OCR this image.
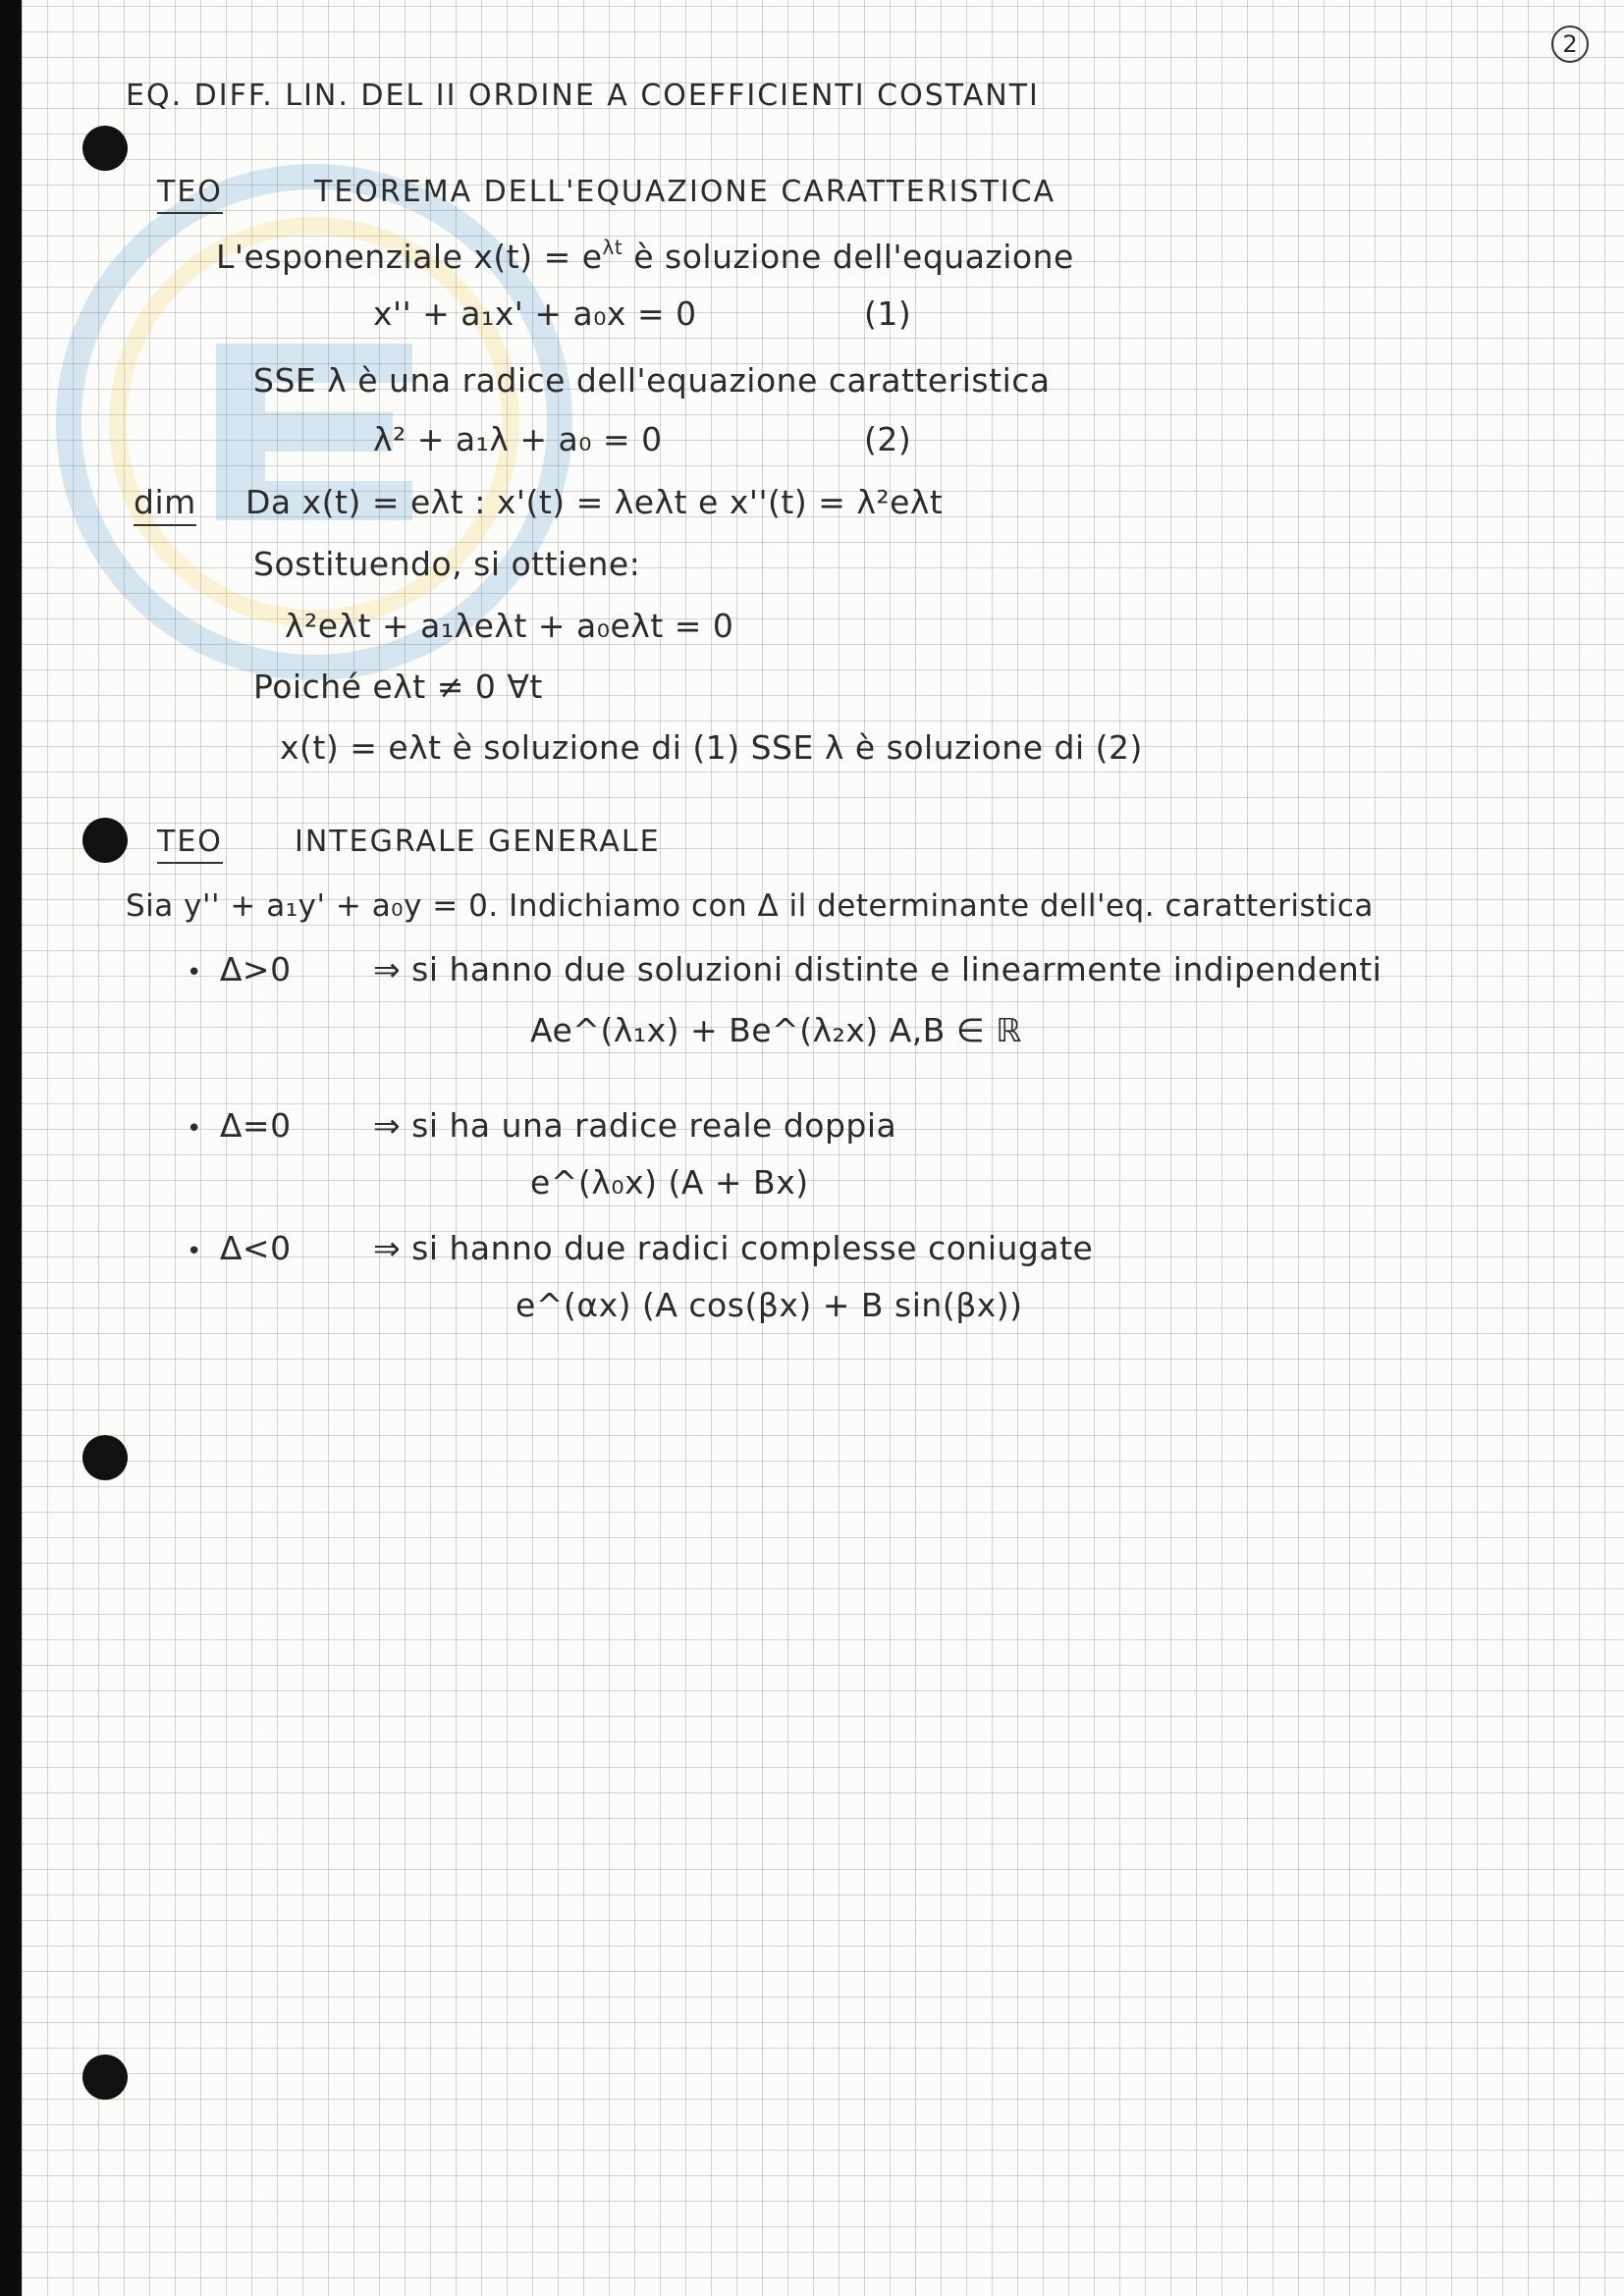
2
EQ. DIFF. LIN. DEL II ORDINE A COEFFICIENTI COSTANTI
TEO	TEOREMA DELL'EQUAZIONE CARATTERISTICA
L'esponenziale $x(t) = e^{\lambda t}$ è soluzione dell'equazione
x'' + a₁x' + a₀x = 0	(1)
SSE λ è una radice dell'equazione caratteristica
λ² + a₁λ + a₀ = 0	(2)
dim Da x(t) = eλt : x'(t) = λeλt e x''(t) = λ²eλt
Sostituendo, si ottiene:
λ²eλt + a₁λeλt + a₀eλt = 0
Poiché eλt ≠ 0 ∀t
x(t) = eλt è soluzione di (1) SSE λ è soluzione di (2)
TEO INTEGRALE GENERALE
Sia y'' + a₁y' + a₀y = 0. Indichiamo con Δ il determinante dell'eq. caratteristica
• Δ>0	⇒ si hanno due soluzioni distinte e linearmente indipendenti
Ae^(λ₁x) + Be^(λ₂x) A,B ∈ ℝ
• Δ=0	⇒ si ha una radice reale doppia
e^(λ₀x) (A + Bx)
• Δ<0	⇒ si hanno due radici complesse coniugate
e^(αx) (A cos(βx) + B sin(βx))
